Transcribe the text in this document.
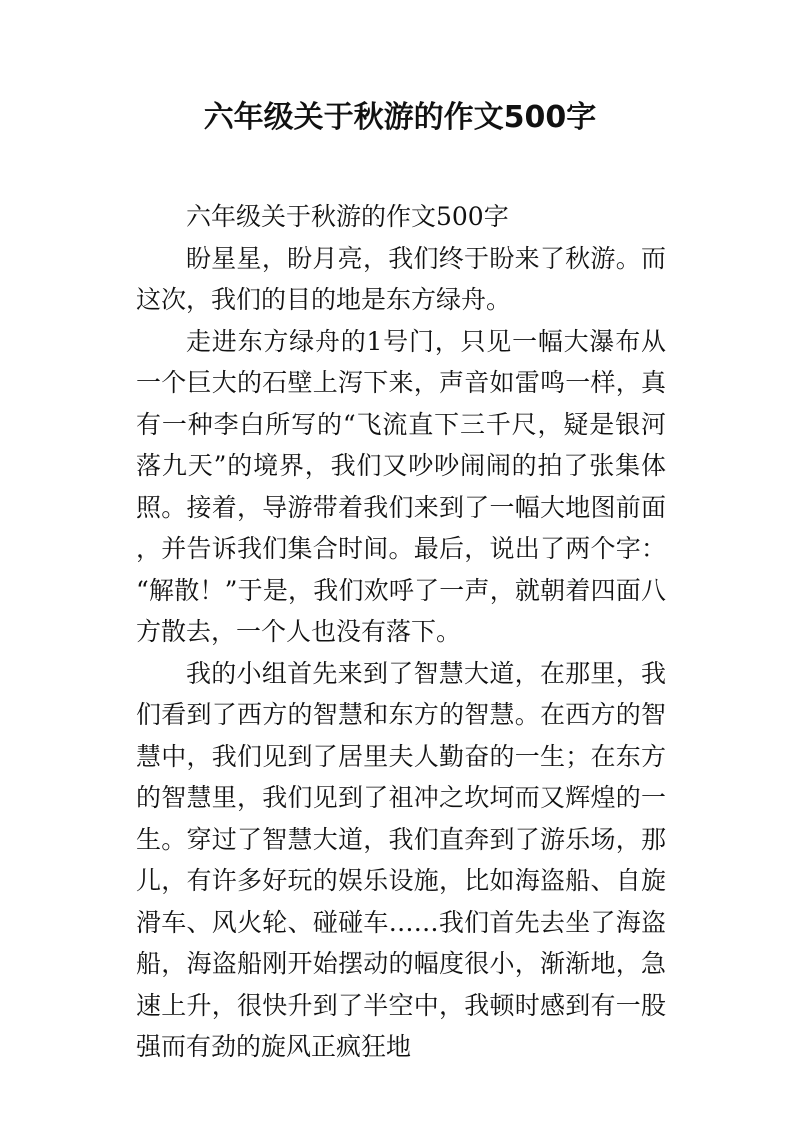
六年级关于秋游的作文500字

六年级关于秋游的作文500字

盼星星，盼月亮，我们终于盼来了秋游。而这次，我们的目的地是东方绿舟。

走进东方绿舟的1号门，只见一幅大瀑布从一个巨大的石壁上泻下来，声音如雷鸣一样，真有一种李白所写的“飞流直下三千尺，疑是银河落九天”的境界，我们又吵吵闹闹的拍了张集体照。接着，导游带着我们来到了一幅大地图前面，并告诉我们集合时间。最后，说出了两个字：“解散！”于是，我们欢呼了一声，就朝着四面八方散去，一个人也没有落下。

我的小组首先来到了智慧大道，在那里，我们看到了西方的智慧和东方的智慧。在西方的智慧中，我们见到了居里夫人勤奋的一生；在东方的智慧里，我们见到了祖冲之坎坷而又辉煌的一生。穿过了智慧大道，我们直奔到了游乐场，那儿，有许多好玩的娱乐设施，比如海盗船、自旋滑车、风火轮、碰碰车……我们首先去坐了海盗船，海盗船刚开始摆动的幅度很小，渐渐地，急速上升，很快升到了半空中，我顿时感到有一股强而有劲的旋风正疯狂地
